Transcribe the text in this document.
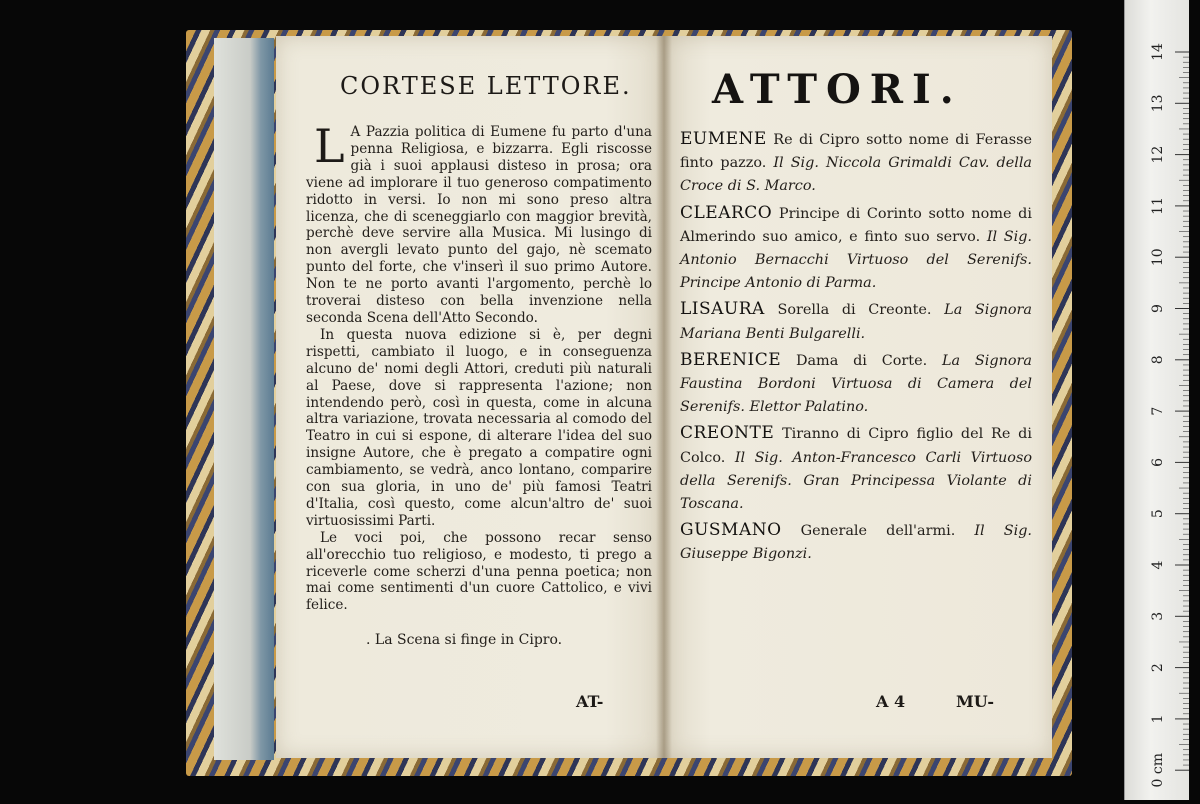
CORTESE LETTORE.

L A Pazzia politica di Eumene fu parto d'una penna Religiosa, e bizzarra. Egli riscosse già i suoi applausi disteso in prosa; ora viene ad implorare il tuo generoso compatimento ridotto in versi. Io non mi sono preso altra licenza, che di sceneggiarlo con maggior brevità, perchè deve servire alla Musica. Mi lusingo di non avergli levato punto del gajo, nè scemato punto del forte, che v'inserì il suo primo Autore. Non te ne porto avanti l'argomento, perchè lo troverai disteso con bella invenzione nella seconda Scena dell'Atto Secondo.

In questa nuova edizione si è, per degni rispetti, cambiato il luogo, e in conseguenza alcuno de' nomi degli Attori, creduti più naturali al Paese, dove si rappresenta l'azione; non intendendo però, così in questa, come in alcuna altra variazione, trovata necessaria al comodo del Teatro in cui si espone, di alterare l'idea del suo insigne Autore, che è pregato a compatire ogni cambiamento, se vedrà, anco lontano, comparire con sua gloria, in uno de' più famosi Teatri d'Italia, così questo, come alcun'altro de' suoi virtuosissimi Parti.

Le voci poi, che possono recar senso all'orecchio tuo religioso, e modesto, ti prego a riceverle come scherzi d'una penna poetica; non mai come sentimenti d'un cuore Cattolico, e vivi felice.

. La Scena si finge in Cipro.
AT-
ATTORI.
EUMENE Re di Cipro sotto nome di Ferasse finto pazzo. Il Sig. Niccola Grimaldi Cav. della Croce di S. Marco.
CLEARCO Principe di Corinto sotto nome di Almerindo suo amico, e finto suo servo. Il Sig. Antonio Bernacchi Virtuoso del Serenifs. Principe Antonio di Parma.
LISAURA Sorella di Creonte. La Signora Mariana Benti Bulgarelli.
BERENICE Dama di Corte. La Signora Faustina Bordoni Virtuosa di Camera del Serenifs. Elettor Palatino.
CREONTE Tiranno di Cipro figlio del Re di Colco. Il Sig. Anton-Francesco Carli Virtuoso della Serenifs. Gran Principessa Violante di Toscana.
GUSMANO Generale dell'armi. Il Sig. Giuseppe Bigonzi.
A 4	MU-
14
13
12
11
10
9
8
7
6
5
4
3
2
1
0 cm
